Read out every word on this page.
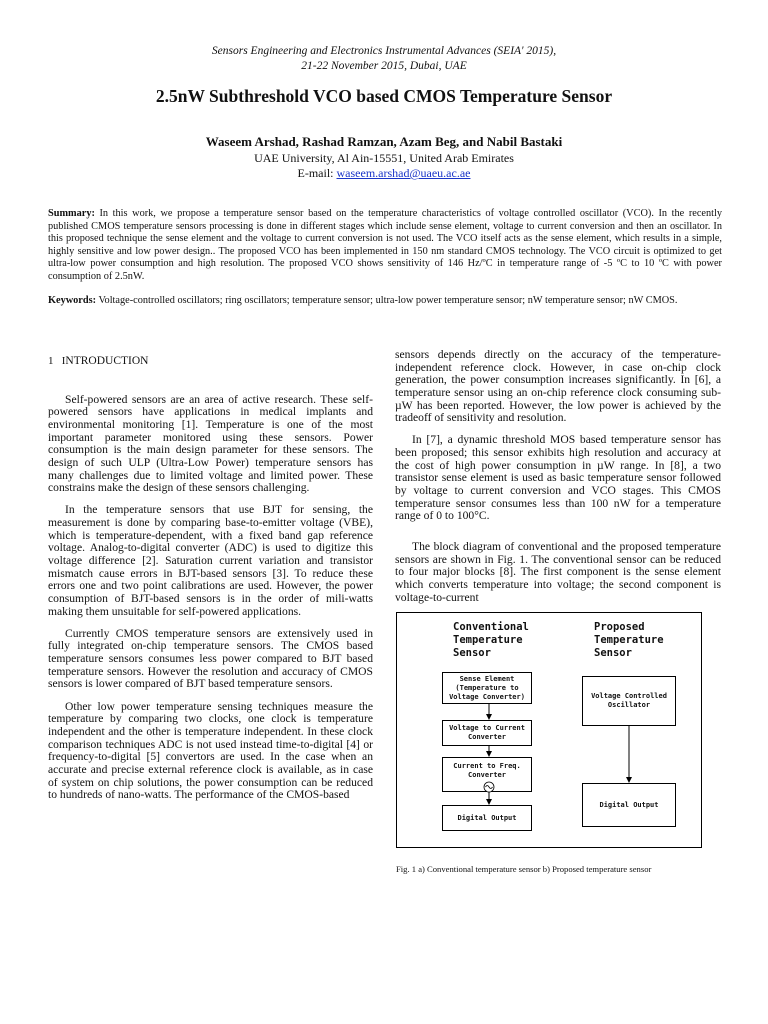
Sensors Engineering and Electronics Instrumental Advances (SEIA' 2015),
21-22 November 2015, Dubai, UAE
2.5nW Subthreshold VCO based CMOS Temperature Sensor
Waseem Arshad, Rashad Ramzan, Azam Beg, and Nabil Bastaki
UAE University, Al Ain-15551, United Arab Emirates
E-mail: waseem.arshad@uaeu.ac.ae
Summary: In this work, we propose a temperature sensor based on the temperature characteristics of voltage controlled oscillator (VCO). In the recently published CMOS temperature sensors processing is done in different stages which include sense element, voltage to current conversion and then an oscillator. In this proposed technique the sense element and the voltage to current conversion is not used. The VCO itself acts as the sense element, which results in a simple, highly sensitive and low power design.. The proposed VCO has been implemented in 150 nm standard CMOS technology. The VCO circuit is optimized to get ultra-low power consumption and high resolution. The proposed VCO shows sensitivity of 146 Hz/ºC in temperature range of -5 ºC to 10 ºC with power consumption of 2.5nW.
Keywords: Voltage-controlled oscillators; ring oscillators; temperature sensor; ultra-low power temperature sensor; nW temperature sensor; nW CMOS.
1 INTRODUCTION

Self-powered sensors are an area of active research. These self-powered sensors have applications in medical implants and environmental monitoring [1]. Temperature is one of the most important parameter monitored using these sensors. Power consumption is the main design parameter for these sensors. The design of such ULP (Ultra-Low Power) temperature sensors has many challenges due to limited voltage and limited power. These constrains make the design of these sensors challenging.

In the temperature sensors that use BJT for sensing, the measurement is done by comparing base-to-emitter voltage (VBE), which is temperature-dependent, with a fixed band gap reference voltage. Analog-to-digital converter (ADC) is used to digitize this voltage difference [2]. Saturation current variation and transistor mismatch cause errors in BJT-based sensors [3]. To reduce these errors one and two point calibrations are used. However, the power consumption of BJT-based sensors is in the order of mili-watts making them unsuitable for self-powered applications.

Currently CMOS temperature sensors are extensively used in fully integrated on-chip temperature sensors. The CMOS based temperature sensors consumes less power compared to BJT based temperature sensors. However the resolution and accuracy of CMOS sensors is lower compared of BJT based temperature sensors.

Other low power temperature sensing techniques measure the temperature by comparing two clocks, one clock is temperature independent and the other is temperature independent. In these clock comparison techniques ADC is not used instead time-to-digital [4] or frequency-to-digital [5] convertors are used. In the case when an accurate and precise external reference clock is available, as in case of system on chip solutions, the power consumption can be reduced to hundreds of nano-watts. The performance of the CMOS-based

sensors depends directly on the accuracy of the temperature-independent reference clock. However, in case on-chip clock generation, the power consumption increases significantly. In [6], a temperature sensor using an on-chip reference clock consuming sub-µW has been reported. However, the low power is achieved by the tradeoff of sensitivity and resolution.

In [7], a dynamic threshold MOS based temperature sensor has been proposed; this sensor exhibits high resolution and accuracy at the cost of high power consumption in µW range. In [8], a two transistor sense element is used as basic temperature sensor followed by voltage to current conversion and VCO stages. This CMOS temperature sensor consumes less than 100 nW for a temperature range of 0 to 100°C.

The block diagram of conventional and the proposed temperature sensors are shown in Fig. 1. The conventional sensor can be reduced to four major blocks [8]. The first component is the sense element which converts temperature into voltage; the second component is voltage-to-current

Conventional
Temperature
Sensor
Proposed
Temperature
Sensor
Sense Element (Temperature to Voltage Converter)
Voltage to Current Converter
Current to Freq. Converter
Digital Output
Voltage Controlled Oscillator
Digital Output
Fig. 1 a) Conventional temperature sensor b) Proposed temperature sensor
